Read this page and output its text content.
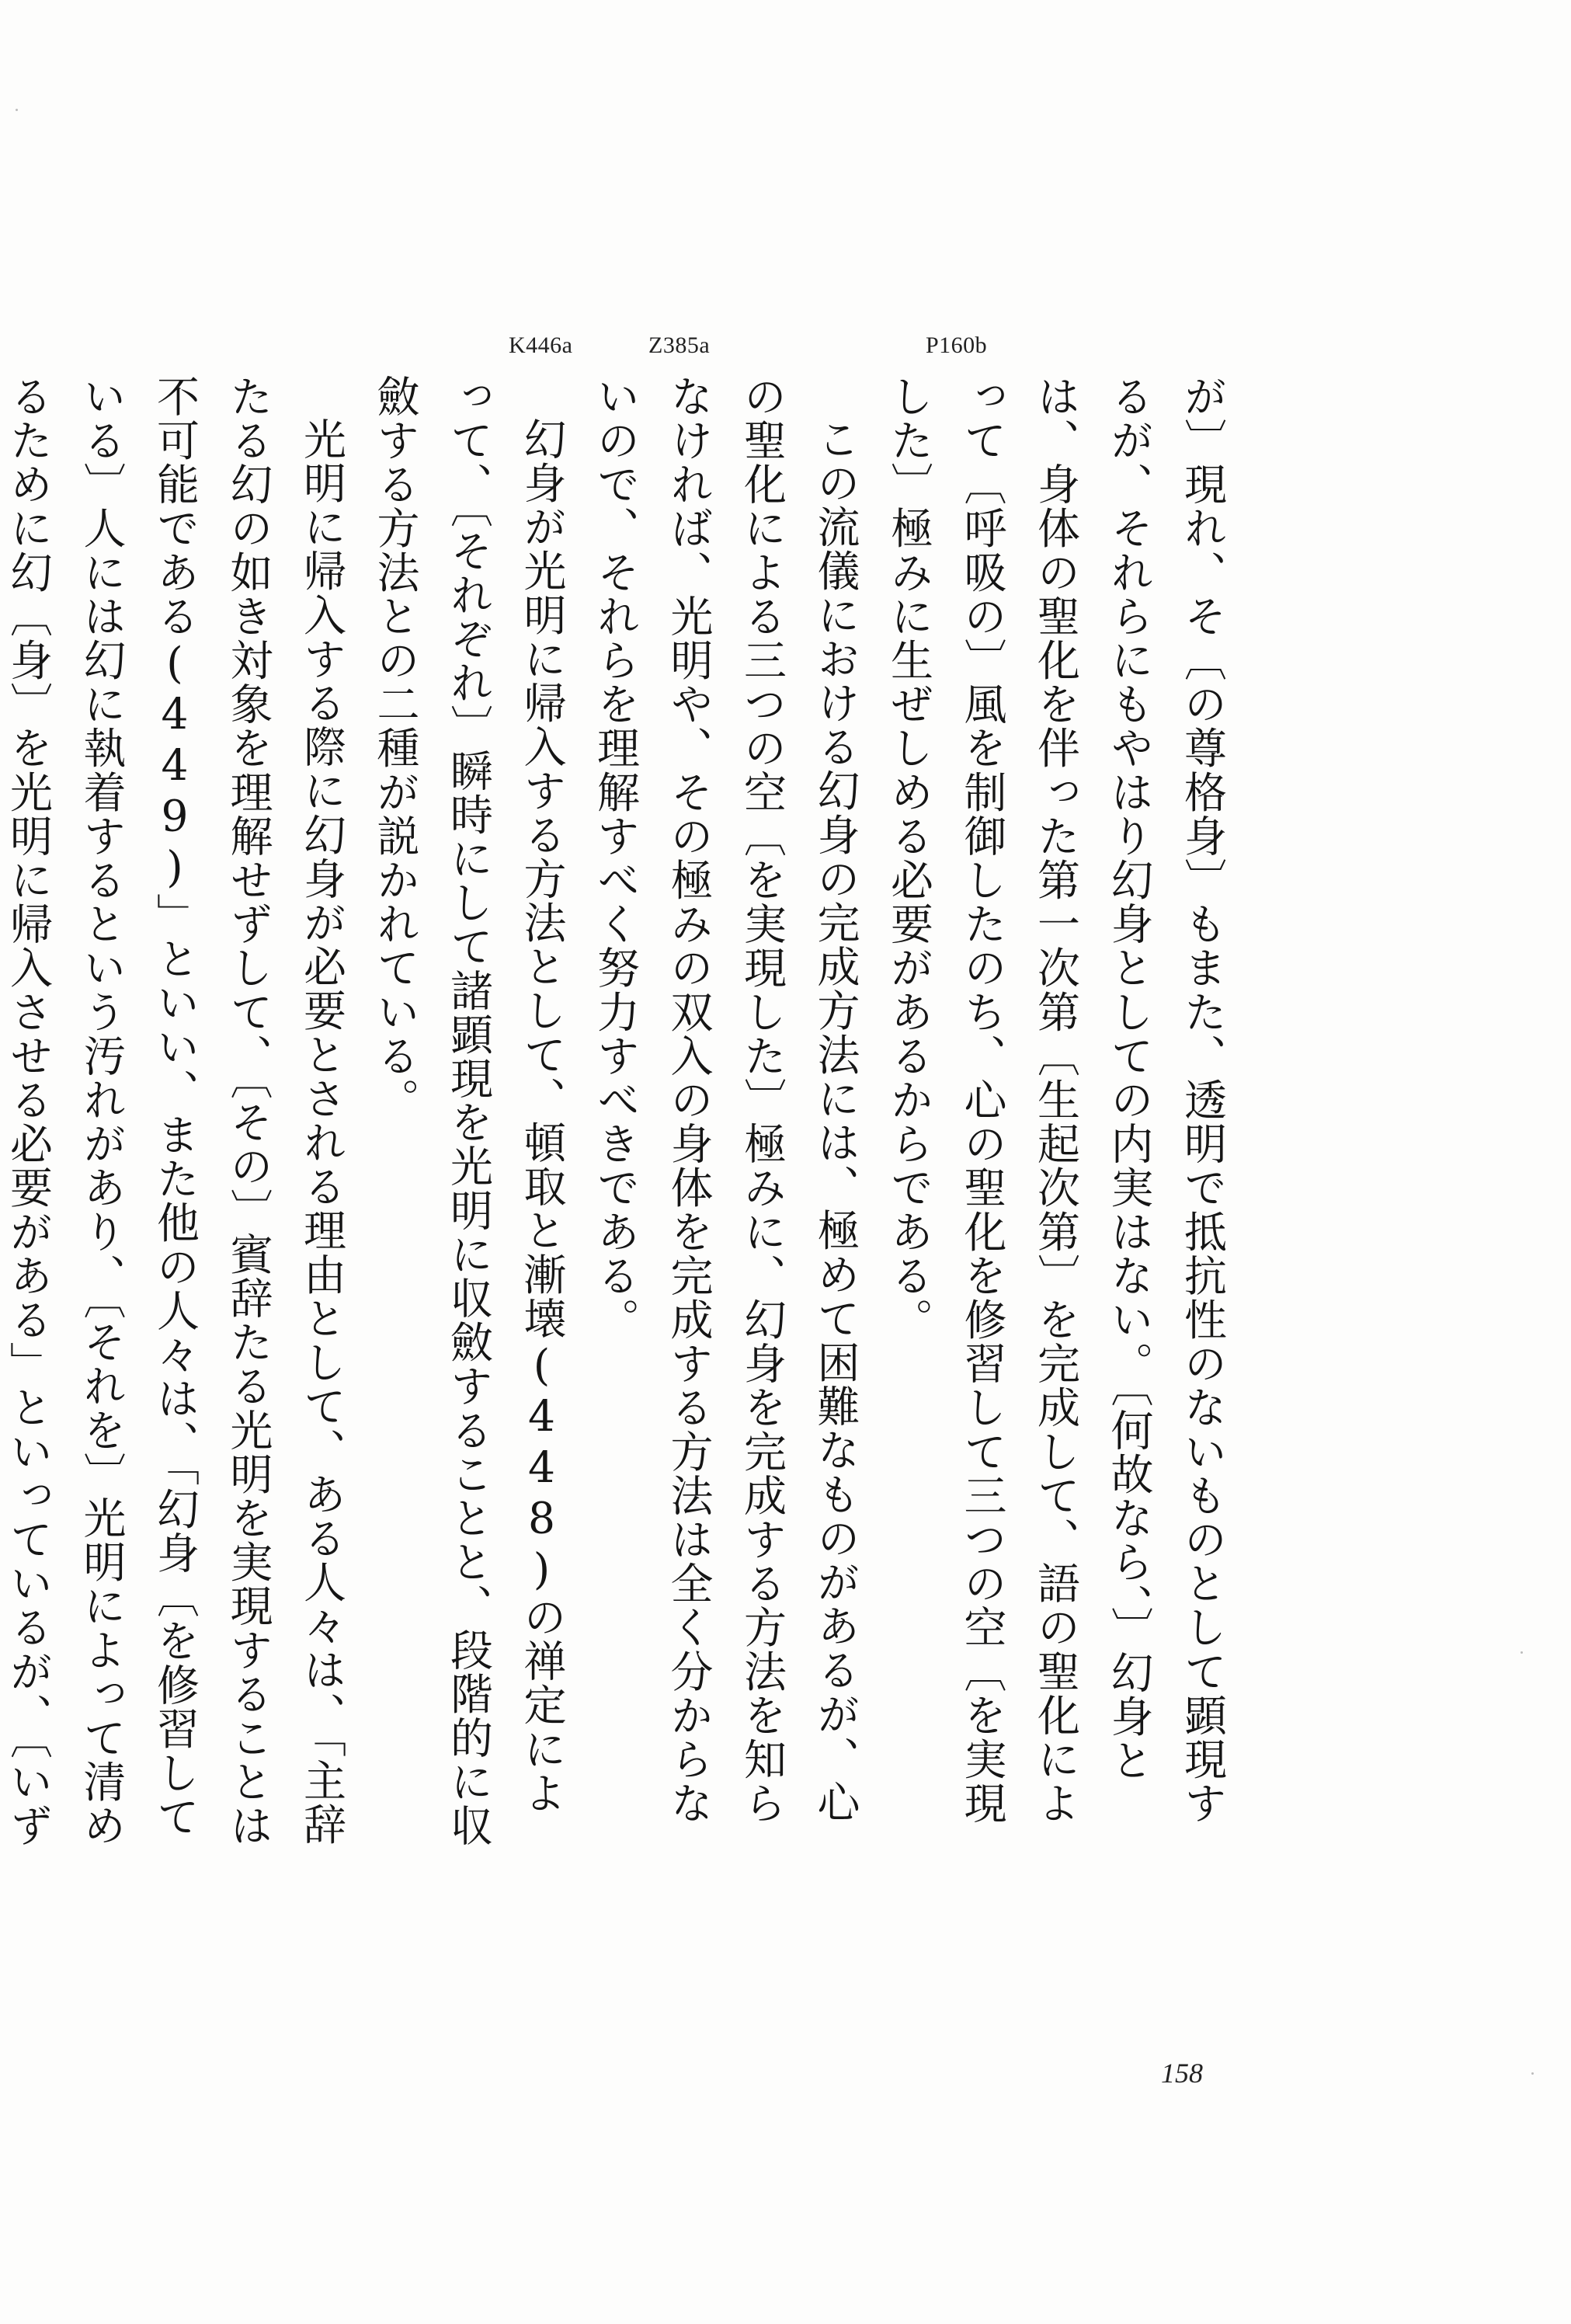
K446a	Z385a	P160b

が〕現れ、そ〔の尊格身〕もまた、透明で抵抗性のないものとして顕現するが、それらにもやはり幻身としての内実はない。〔何故なら、〕幻身とは、身体の聖化を伴った第一次第〔生起次第〕を完成して、語の聖化によって〔呼吸の〕風を制御したのち、心の聖化を修習して三つの空〔を実現した〕極みに生ぜしめる必要があるからである。

この流儀における幻身の完成方法には、極めて困難なものがあるが、心の聖化による三つの空〔を実現した〕極みに、幻身を完成する方法を知らなければ、光明や、その極みの双入の身体を完成する方法は全く分からないので、それらを理解すべく努力すべきである。

幻身が光明に帰入する方法として、頓取と漸壊(448)の禅定によって、〔それぞれ〕瞬時にして諸顕現を光明に収斂することと、段階的に収斂する方法との二種が説かれている。

光明に帰入する際に幻身が必要とされる理由として、ある人々は、「主辞たる幻の如き対象を理解せずして、〔その〕賓辞たる光明を実現することは不可能である(449)」といい、また他の人々は、「幻身〔を修習している〕人には幻に執着するという汚れがあり、〔それを〕光明によって清めるために幻〔身〕を光明に帰入させる必要がある」といっているが、〔いず

158
